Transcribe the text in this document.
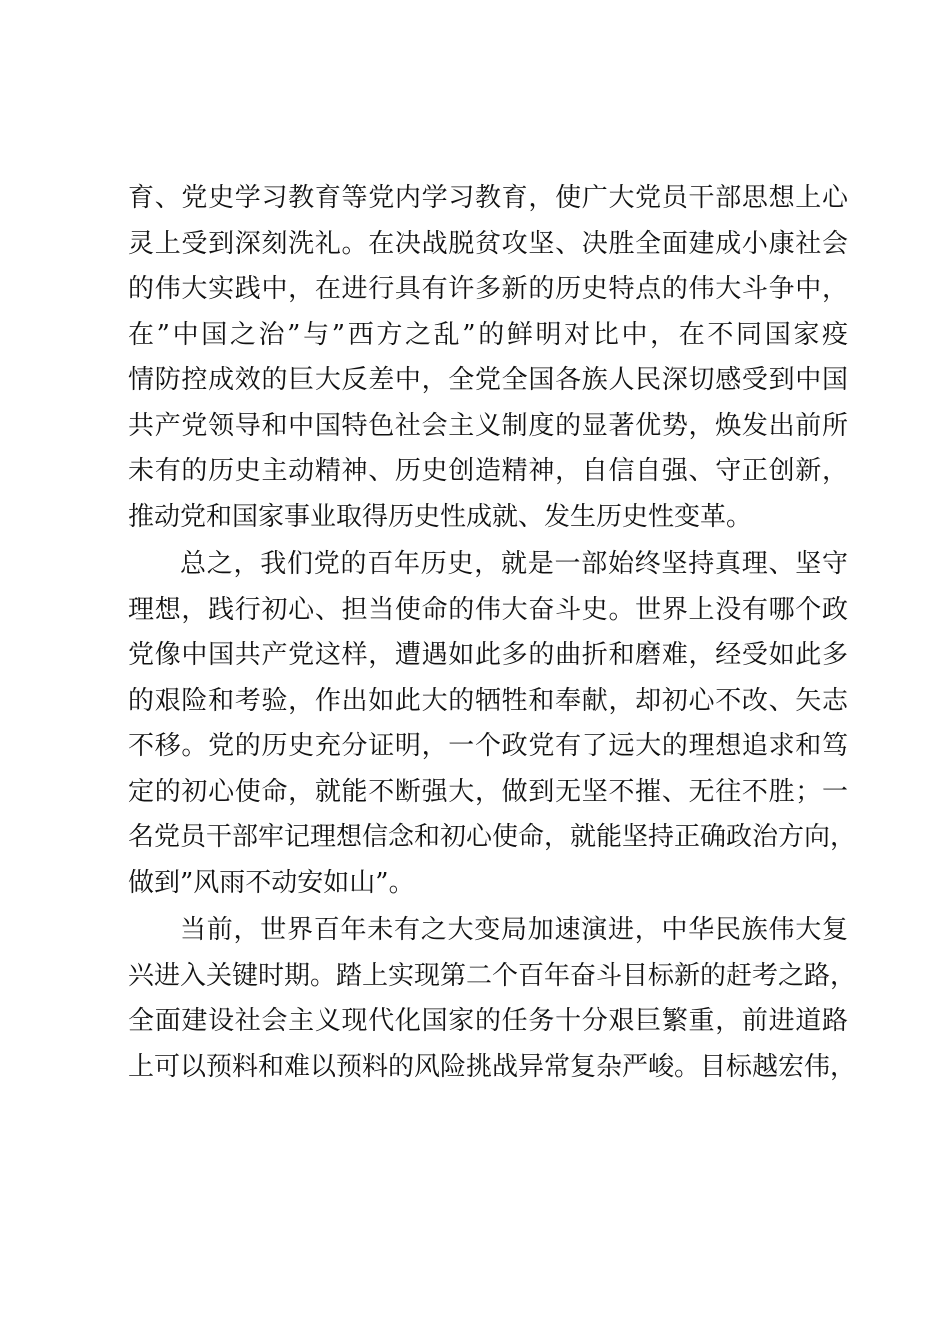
育、党史学习教育等党内学习教育，使广大党员干部思想上心
灵上受到深刻洗礼。在决战脱贫攻坚、决胜全面建成小康社会
的伟大实践中，在进行具有许多新的历史特点的伟大斗争中，
在”中国之治”与”西方之乱”的鲜明对比中，在不同国家疫
情防控成效的巨大反差中，全党全国各族人民深切感受到中国
共产党领导和中国特色社会主义制度的显著优势，焕发出前所
未有的历史主动精神、历史创造精神，自信自强、守正创新，
推动党和国家事业取得历史性成就、发生历史性变革。
总之，我们党的百年历史，就是一部始终坚持真理、坚守
理想，践行初心、担当使命的伟大奋斗史。世界上没有哪个政
党像中国共产党这样，遭遇如此多的曲折和磨难，经受如此多
的艰险和考验，作出如此大的牺牲和奉献，却初心不改、矢志
不移。党的历史充分证明，一个政党有了远大的理想追求和笃
定的初心使命，就能不断强大，做到无坚不摧、无往不胜；一
名党员干部牢记理想信念和初心使命，就能坚持正确政治方向，
做到”风雨不动安如山”。
当前，世界百年未有之大变局加速演进，中华民族伟大复
兴进入关键时期。踏上实现第二个百年奋斗目标新的赶考之路，
全面建设社会主义现代化国家的任务十分艰巨繁重，前进道路
上可以预料和难以预料的风险挑战异常复杂严峻。目标越宏伟，
